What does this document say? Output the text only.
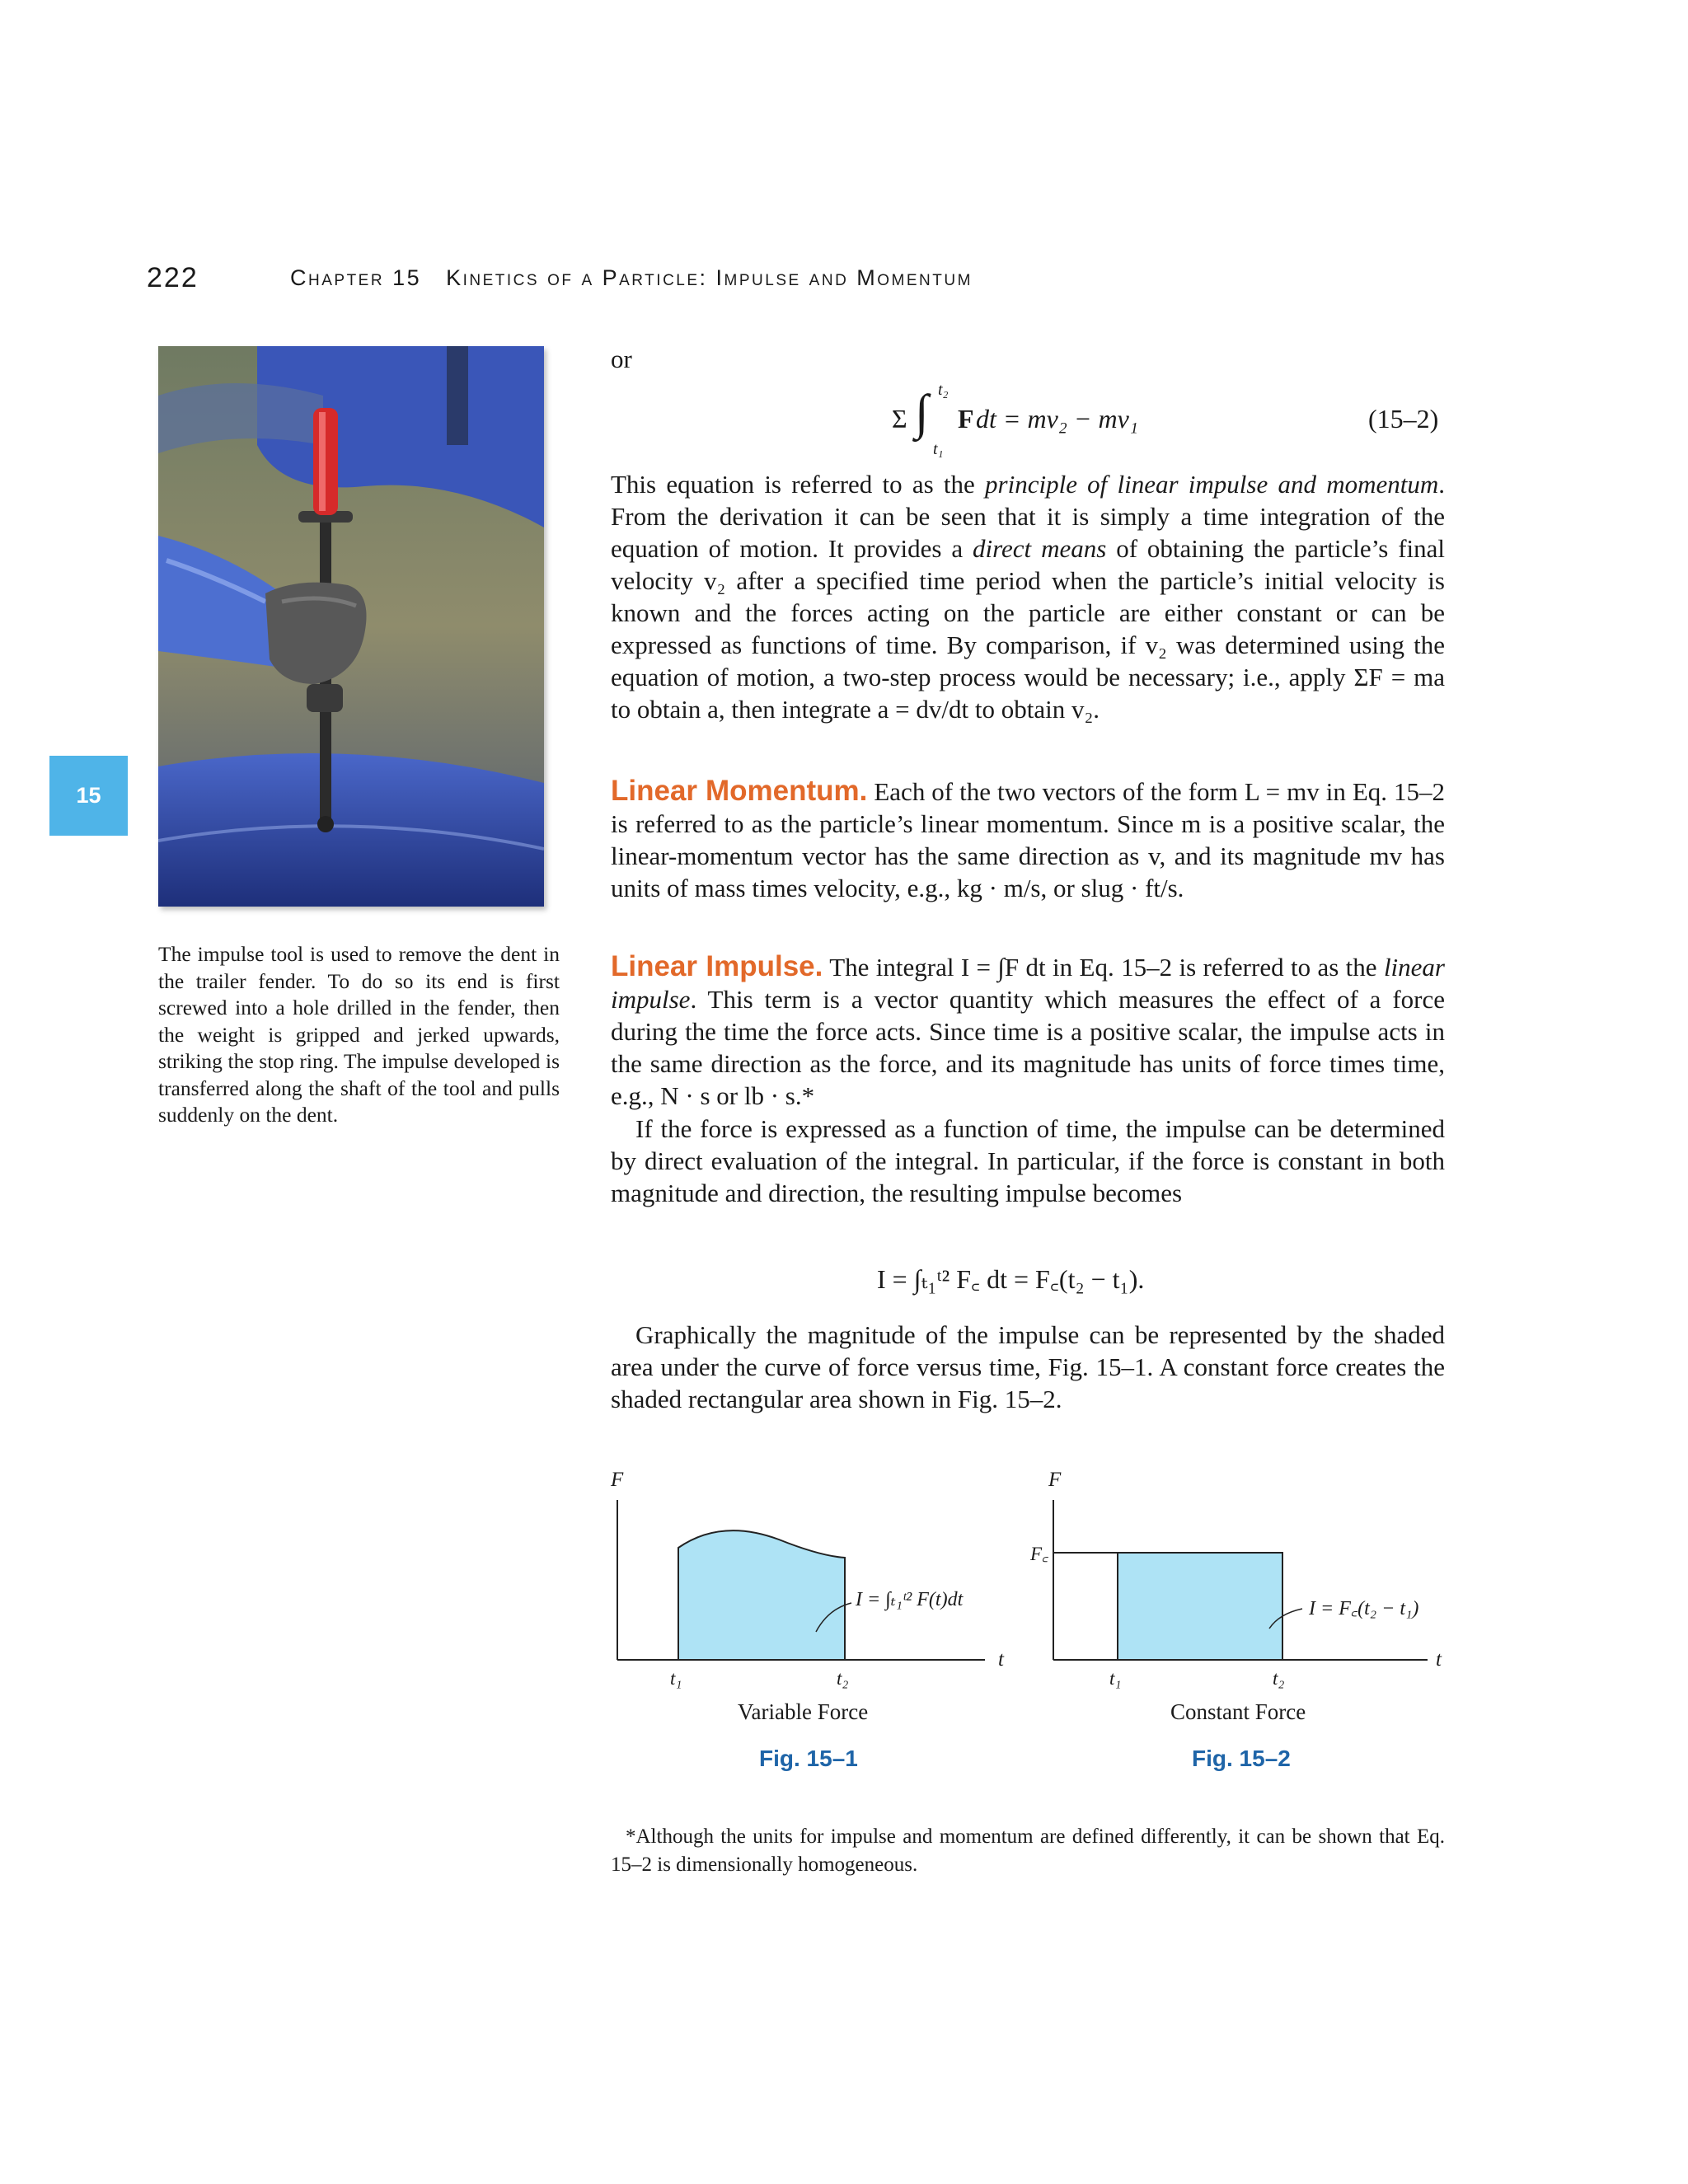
222	Chapter 15   Kinetics of a Particle: Impulse and Momentum
15
The impulse tool is used to remove the dent in the trailer fender. To do so its end is first screwed into a hole drilled in the fender, then the weight is gripped and jerked upwards, striking the stop ring. The impulse developed is transferred along the shaft of the tool and pulls suddenly on the dent.
or
Σ ∫ t₂
t₁
F dt = mv₂ − mv₁	(15–2)

This equation is referred to as the principle of linear impulse and momentum. From the derivation it can be seen that it is simply a time integration of the equation of motion. It provides a direct means of obtaining the particle’s final velocity v₂ after a specified time period when the particle’s initial velocity is known and the forces acting on the particle are either constant or can be expressed as functions of time. By comparison, if v₂ was determined using the equation of motion, a two-step process would be necessary; i.e., apply ΣF = ma to obtain a, then integrate a = dv/dt to obtain v₂.

Linear Momentum. Each of the two vectors of the form L = mv in Eq. 15–2 is referred to as the particle’s linear momentum. Since m is a positive scalar, the linear-momentum vector has the same direction as v, and its magnitude mv has units of mass times velocity, e.g., kg · m/s, or slug · ft/s.

Linear Impulse. The integral I = ∫F dt in Eq. 15–2 is referred to as the linear impulse. This term is a vector quantity which measures the effect of a force during the time the force acts. Since time is a positive scalar, the impulse acts in the same direction as the force, and its magnitude has units of force times time, e.g., N · s or lb · s.*

If the force is expressed as a function of time, the impulse can be determined by direct evaluation of the integral. In particular, if the force is constant in both magnitude and direction, the resulting impulse becomes

I = ∫ₜ₁ᵗ² F꜀ dt = F꜀(t₂ − t₁).

Graphically the magnitude of the impulse can be represented by the shaded area under the curve of force versus time, Fig. 15–1. A constant force creates the shaded rectangular area shown in Fig. 15–2.

F
t
t₁	t₂
I = ∫ₜ₁ᵗ² F(t)dt
Variable Force
Fig. 15–1
F
t
F꜀
t₁	t₂
I = F꜀(t₂ − t₁)
Constant Force
Fig. 15–2
*Although the units for impulse and momentum are defined differently, it can be shown that Eq. 15–2 is dimensionally homogeneous.
